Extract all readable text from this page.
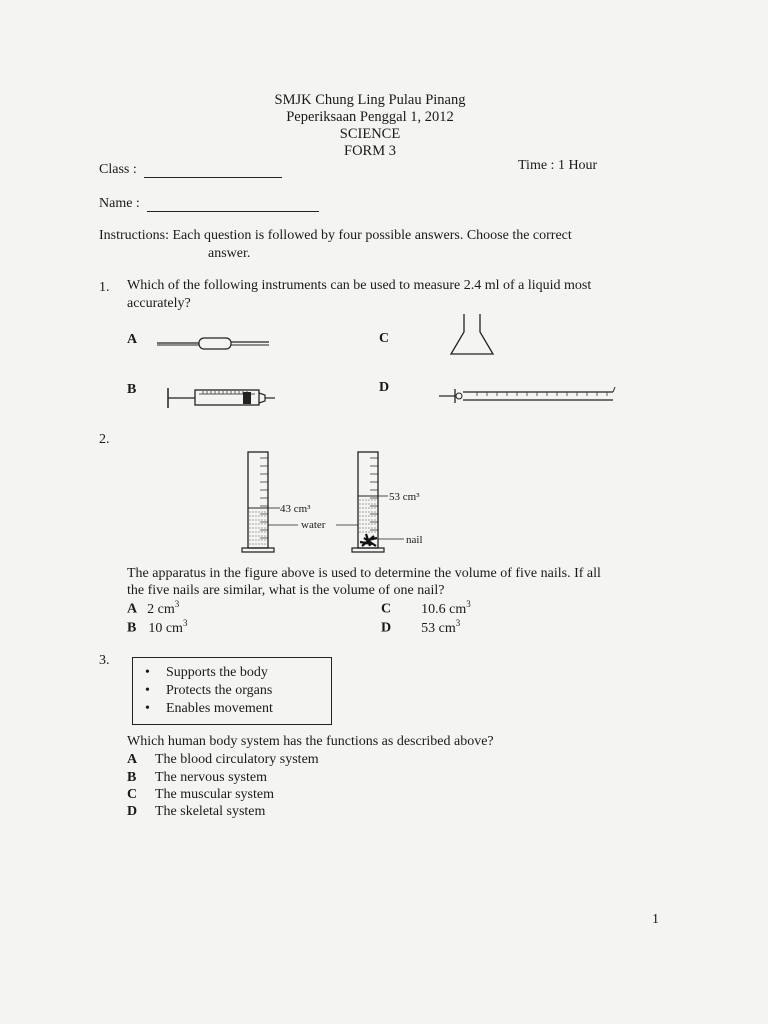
SMJK Chung Ling Pulau Pinang
Peperiksaan Penggal 1, 2012
SCIENCE
FORM 3
Class :	Time : 1 Hour
Name :
Instructions: Each question is followed by four possible answers. Choose the correct
answer.
1. Which of the following instruments can be used to measure 2.4 ml of a liquid most
accurately?
A	C
B	D
2.
43 cm³
water
53 cm³
nail
The apparatus in the figure above is used to determine the volume of five nails. If all
the five nails are similar, what is the volume of one nail?
A 2 $cm^3$
B 10 $cm^3$
C 10.6 $cm^3$
D 53 $cm^3$
3.
• Supports the body
• Protects the organs
• Enables movement
Which human body system has the functions as described above?
A The blood circulatory system
B The nervous system
C The muscular system
D The skeletal system
1
